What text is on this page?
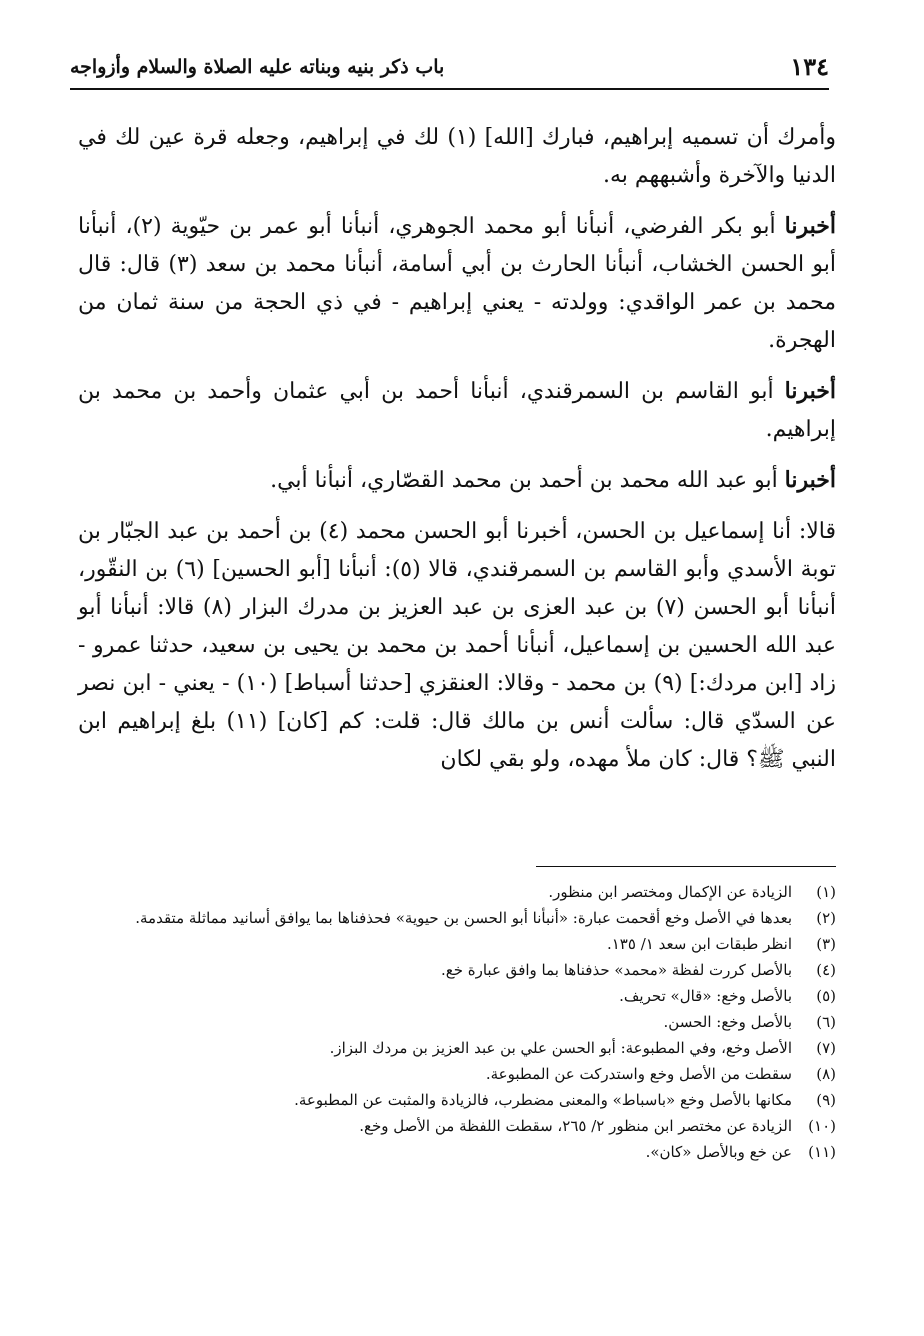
١٣٤
باب ذكر بنيه وبناته عليه الصلاة والسلام وأزواجه

وأمرك أن تسميه إبراهيم، فبارك [الله] (١) لك في إبراهيم، وجعله قرة عين لك في الدنيا والآخرة وأشبههم به.

أخبرنا أبو بكر الفرضي، أنبأنا أبو محمد الجوهري، أنبأنا أبو عمر بن حيّوية (٢)، أنبأنا أبو الحسن الخشاب، أنبأنا الحارث بن أبي أسامة، أنبأنا محمد بن سعد (٣) قال: قال محمد بن عمر الواقدي: وولدته - يعني إبراهيم - في ذي الحجة من سنة ثمان من الهجرة.

أخبرنا أبو القاسم بن السمرقندي، أنبأنا أحمد بن أبي عثمان وأحمد بن محمد بن إبراهيم.

أخبرنا أبو عبد الله محمد بن أحمد بن محمد القصّاري، أنبأنا أبي.

قالا: أنا إسماعيل بن الحسن، أخبرنا أبو الحسن محمد (٤) بن أحمد بن عبد الجبّار بن توبة الأسدي وأبو القاسم بن السمرقندي، قالا (٥): أنبأنا [أبو الحسين] (٦) بن النقّور، أنبأنا أبو الحسن (٧) بن عبد العزى بن عبد العزيز بن مدرك البزار (٨) قالا: أنبأنا أبو عبد الله الحسين بن إسماعيل، أنبأنا أحمد بن محمد بن يحيى بن سعيد، حدثنا عمرو - زاد [ابن مردك:] (٩) بن محمد - وقالا: العنقزي [حدثنا أسباط] (١٠) - يعني - ابن نصر عن السدّي قال: سألت أنس بن مالك قال: قلت: كم [كان] (١١) بلغ إبراهيم ابن النبي ﷺ؟ قال: كان ملأ مهده، ولو بقي لكان

(١)
الزيادة عن الإكمال ومختصر ابن منظور.
(٢)
بعدها في الأصل وخع أقحمت عبارة: «أنبأنا أبو الحسن بن حيوية» فحذفناها بما يوافق أسانيد مماثلة متقدمة.
(٣)
انظر طبقات ابن سعد ١/ ١٣٥.
(٤)
بالأصل كررت لفظة «محمد» حذفناها بما وافق عبارة خع.
(٥)
بالأصل وخع: «قال» تحريف.
(٦)
بالأصل وخع: الحسن.
(٧)
الأصل وخع، وفي المطبوعة: أبو الحسن علي بن عبد العزيز بن مردك البزاز.
(٨)
سقطت من الأصل وخع واستدركت عن المطبوعة.
(٩)
مكانها بالأصل وخع «باسباط» والمعنى مضطرب، فالزيادة والمثبت عن المطبوعة.
(١٠)
الزيادة عن مختصر ابن منظور ٢/ ٢٦٥، سقطت اللفظة من الأصل وخع.
(١١)
عن خع وبالأصل «كان».
